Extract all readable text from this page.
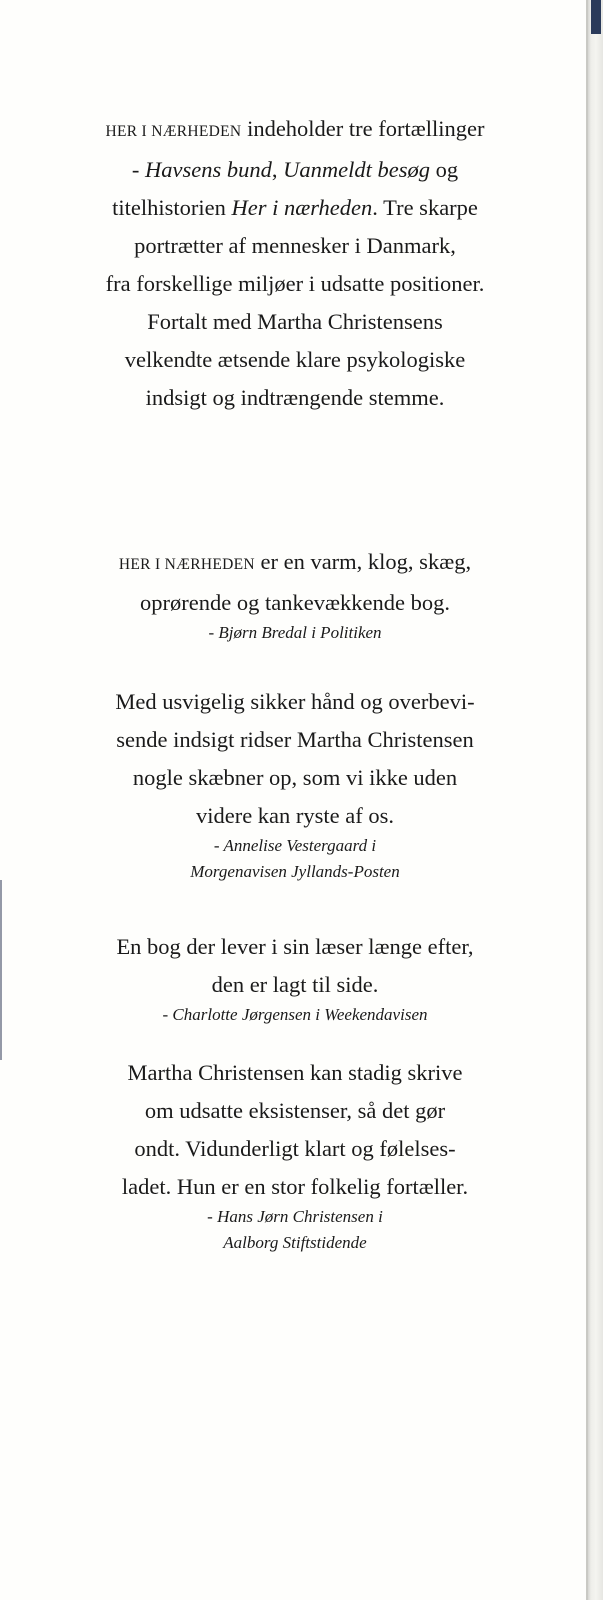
HER I NÆRHEDEN indeholder tre fortællinger

- Havsens bund, Uanmeldt besøg og

titelhistorien Her i nærheden. Tre skarpe

portrætter af mennesker i Danmark,

fra forskellige miljøer i udsatte positioner.

Fortalt med Martha Christensens

velkendte ætsende klare psykologiske

indsigt og indtrængende stemme.

HER I NÆRHEDEN er en varm, klog, skæg,

oprørende og tankevækkende bog.

- Bjørn Bredal i Politiken

Med usvigelig sikker hånd og overbevi-

sende indsigt ridser Martha Christensen

nogle skæbner op, som vi ikke uden

videre kan ryste af os.

- Annelise Vestergaard i
Morgenavisen Jyllands-Posten

En bog der lever i sin læser længe efter,

den er lagt til side.

- Charlotte Jørgensen i Weekendavisen

Martha Christensen kan stadig skrive

om udsatte eksistenser, så det gør

ondt. Vidunderligt klart og følelses-

ladet. Hun er en stor folkelig fortæller.

- Hans Jørn Christensen i
Aalborg Stiftstidende
